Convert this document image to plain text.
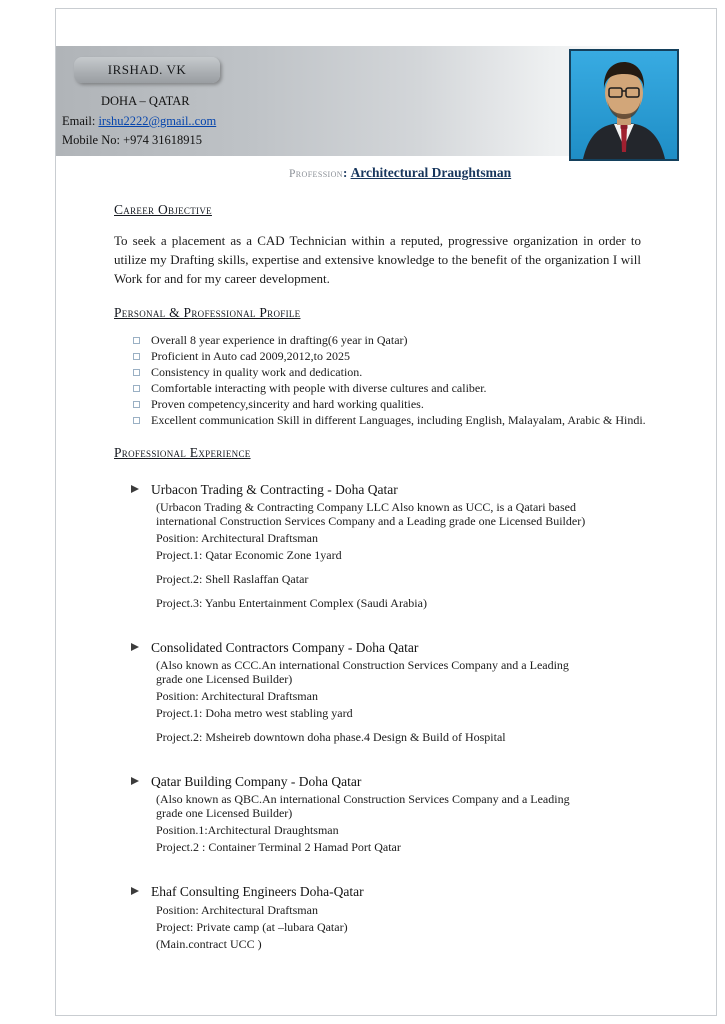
IRSHAD. VK
DOHA – QATAR
Email: irshu2222@gmail..com
Mobile No: +974 31618915
Profession: Architectural Draughtsman
Career Objective

To seek a placement as a CAD Technician within a reputed, progressive organization in order to utilize my Drafting skills, expertise and extensive knowledge to the benefit of the organization I will Work for and for my career development.

Personal & Professional Profile
Overall 8 year experience in drafting(6 year in Qatar)
Proficient in Auto cad 2009,2012,to 2025
Consistency in quality work and dedication.
Comfortable interacting with people with diverse cultures and caliber.
Proven competency,sincerity and hard working qualities.
Excellent communication Skill in different Languages, including English, Malayalam, Arabic & Hindi.
Professional Experience
Urbacon Trading & Contracting - Doha Qatar
(Urbacon Trading & Contracting Company LLC Also known as UCC, is a Qatari based international Construction Services Company and a Leading grade one Licensed Builder)
Position: Architectural Draftsman
Project.1: Qatar Economic Zone 1yard
Project.2: Shell Raslaffan Qatar
Project.3: Yanbu Entertainment Complex (Saudi Arabia)
Consolidated Contractors Company - Doha Qatar
(Also known as CCC.An international Construction Services Company and a Leading grade one Licensed Builder)
Position: Architectural Draftsman
Project.1: Doha metro west stabling yard
Project.2: Msheireb downtown doha phase.4 Design & Build of Hospital
Qatar Building Company - Doha Qatar
(Also known as QBC.An international Construction Services Company and a Leading grade one Licensed Builder)
Position.1:Architectural Draughtsman
Project.2 : Container Terminal 2 Hamad Port Qatar
Ehaf Consulting Engineers Doha-Qatar
Position: Architectural Draftsman
Project: Private camp (at –lubara Qatar)
(Main.contract UCC )
